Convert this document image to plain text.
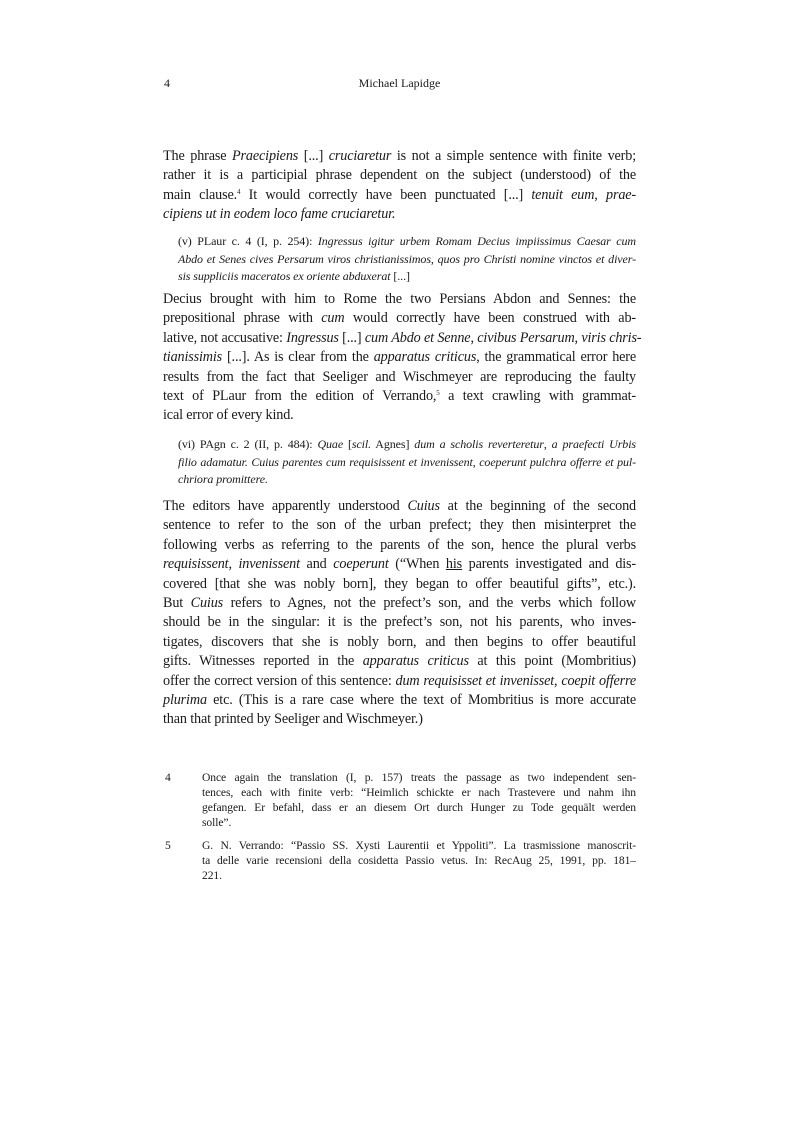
4	Michael Lapidge
The phrase Praecipiens [...] cruciaretur is not a simple sentence with finite verb;
rather it is a participial phrase dependent on the subject (understood) of the
main clause.$^4$ It would correctly have been punctuated [...] tenuit eum, prae-
cipiens ut in eodem loco fame cruciaretur.
(v) PLaur c. 4 (I, p. 254): Ingressus igitur urbem Romam Decius impiissimus Caesar cum
Abdo et Senes cives Persarum viros christianissimos, quos pro Christi nomine vinctos et diver-
sis suppliciis maceratos ex oriente abduxerat [...]
Decius brought with him to Rome the two Persians Abdon and Sennes: the
prepositional phrase with cum would correctly have been construed with ab-
lative, not accusative: Ingressus [...] cum Abdo et Senne, civibus Persarum, viris chris-
tianissimis [...]. As is clear from the apparatus criticus, the grammatical error here
results from the fact that Seeliger and Wischmeyer are reproducing the faulty
text of PLaur from the edition of Verrando,$^5$ a text crawling with grammat-
ical error of every kind.
(vi) PAgn c. 2 (II, p. 484): Quae [scil. Agnes] dum a scholis reverteretur, a praefecti Urbis
filio adamatur. Cuius parentes cum requisissent et invenissent, coeperunt pulchra offerre et pul-
chriora promittere.
The editors have apparently understood Cuius at the beginning of the second
sentence to refer to the son of the urban prefect; they then misinterpret the
following verbs as referring to the parents of the son, hence the plural verbs
requisissent, invenissent and coeperunt (“When his parents investigated and dis-
covered [that she was nobly born], they began to offer beautiful gifts”, etc.).
But Cuius refers to Agnes, not the prefect’s son, and the verbs which follow
should be in the singular: it is the prefect’s son, not his parents, who inves-
tigates, discovers that she is nobly born, and then begins to offer beautiful
gifts. Witnesses reported in the apparatus criticus at this point (Mombritius)
offer the correct version of this sentence: dum requisisset et invenisset, coepit offerre
plurima etc. (This is a rare case where the text of Mombritius is more accurate
than that printed by Seeliger and Wischmeyer.)
4	Once again the translation (I, p. 157) treats the passage as two independent sen-
tences, each with finite verb: “Heimlich schickte er nach Trastevere und nahm ihn
gefangen. Er befahl, dass er an diesem Ort durch Hunger zu Tode gequält werden
solle”.
5	G. N. Verrando: “Passio SS. Xysti Laurentii et Yppoliti”. La trasmissione manoscrit-
ta delle varie recensioni della cosidetta Passio vetus. In: RecAug 25, 1991, pp. 181–
221.
